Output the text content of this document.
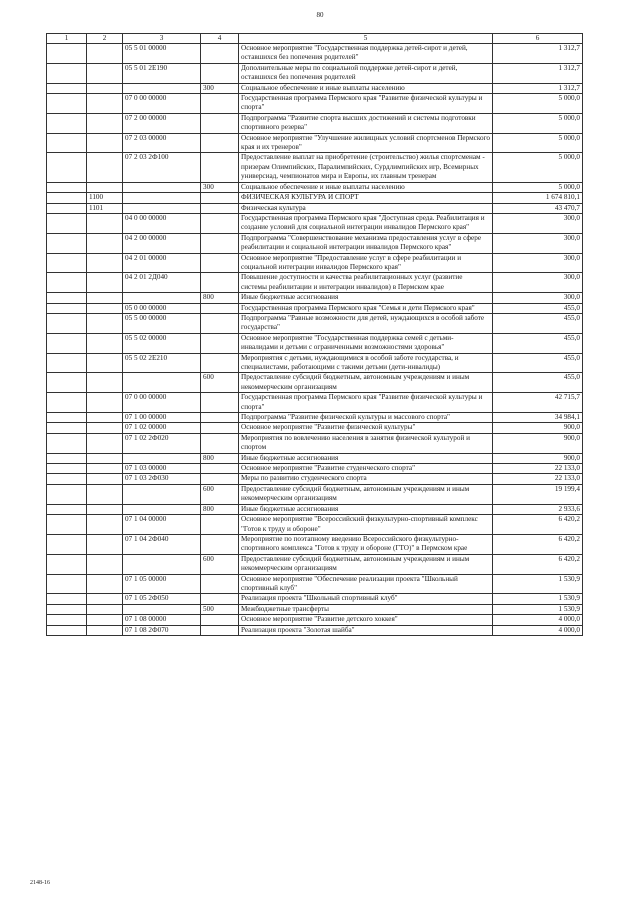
80
1	2	3	4	5	6
		05 5 01 00000		Основное мероприятие "Государственная поддержка детей-сирот и детей, оставшихся без попечения родителей"	1 312,7
		05 5 01 2Е190		Дополнительные меры по социальной поддержке детей-сирот и детей, оставшихся без попечения родителей	1 312,7
			300	Социальное обеспечение и иные выплаты населению	1 312,7
		07 0 00 00000		Государственная программа Пермского края "Развитие физической культуры и спорта"	5 000,0
		07 2 00 00000		Подпрограмма "Развитие спорта высших достижений и системы подготовки спортивного резерва"	5 000,0
		07 2 03 00000		Основное мероприятие "Улучшение жилищных условий спортсменов Пермского края и их тренеров"	5 000,0
		07 2 03 2Ф100		Предоставление выплат на приобретение (строительство) жилья спортсменам - призерам Олимпийских, Паралимпийских, Сурдлимпийских игр, Всемирных универсиад, чемпионатов мира и Европы, их главным тренерам	5 000,0
			300	Социальное обеспечение и иные выплаты населению	5 000,0
	1100			ФИЗИЧЕСКАЯ КУЛЬТУРА И СПОРТ	1 674 810,1
	1101			Физическая культура	43 470,7
		04 0 00 00000		Государственная программа Пермского края "Доступная среда. Реабилитация и создание условий для социальной интеграции инвалидов Пермского края"	300,0
		04 2 00 00000		Подпрограмма "Совершенствование механизма предоставления услуг в сфере реабилитации и социальной интеграции инвалидов Пермского края"	300,0
		04 2 01 00000		Основное мероприятие "Предоставление услуг в сфере реабилитации и социальной интеграции инвалидов Пермского края"	300,0
		04 2 01 2Д040		Повышение доступности и качества реабилитационных услуг (развитие системы реабилитации и интеграции инвалидов) в Пермском крае	300,0
			800	Иные бюджетные ассигнования	300,0
		05 0 00 00000		Государственная программа Пермского края "Семья и дети Пермского края"	455,0
		05 5 00 00000		Подпрограмма "Равные возможности для детей, нуждающихся в особой заботе государства"	455,0
		05 5 02 00000		Основное мероприятие "Государственная поддержка семей с детьми-инвалидами и детьми с ограниченными возможностями здоровья"	455,0
		05 5 02 2Е210		Мероприятия с детьми, нуждающимися в особой заботе государства, и специалистами, работающими с такими детьми (дети-инвалиды)	455,0
			600	Предоставление субсидий бюджетным, автономным учреждениям и иным некоммерческим организациям	455,0
		07 0 00 00000		Государственная программа Пермского края "Развитие физической культуры и спорта"	42 715,7
		07 1 00 00000		Подпрограмма "Развитие физической культуры и массового спорта"	34 984,1
		07 1 02 00000		Основное мероприятие "Развитие физической культуры"	900,0
		07 1 02 2Ф020		Мероприятия по вовлечению населения в занятия физической культурой и спортом	900,0
			800	Иные бюджетные ассигнования	900,0
		07 1 03 00000		Основное мероприятие "Развитие студенческого спорта"	22 133,0
		07 1 03 2Ф030		Меры по развитию студенческого спорта	22 133,0
			600	Предоставление субсидий бюджетным, автономным учреждениям и иным некоммерческим организациям	19 199,4
			800	Иные бюджетные ассигнования	2 933,6
		07 1 04 00000		Основное мероприятие "Всероссийский физкультурно-спортивный комплекс "Готов к труду и обороне"	6 420,2
		07 1 04 2Ф040		Мероприятие по поэтапному введению Всероссийского физкультурно-спортивного комплекса "Готов к труду и обороне (ГТО)" в Пермском крае	6 420,2
			600	Предоставление субсидий бюджетным, автономным учреждениям и иным некоммерческим организациям	6 420,2
		07 1 05 00000		Основное мероприятие "Обеспечение реализации проекта "Школьный спортивный клуб"	1 530,9
		07 1 05 2Ф050		Реализация проекта "Школьный спортивный клуб"	1 530,9
			500	Межбюджетные трансферты	1 530,9
		07 1 08 00000		Основное мероприятие "Развитие детского хоккея"	4 000,0
		07 1 08 2Ф070		Реализация проекта "Золотая шайба"	4 000,0
2148-16
